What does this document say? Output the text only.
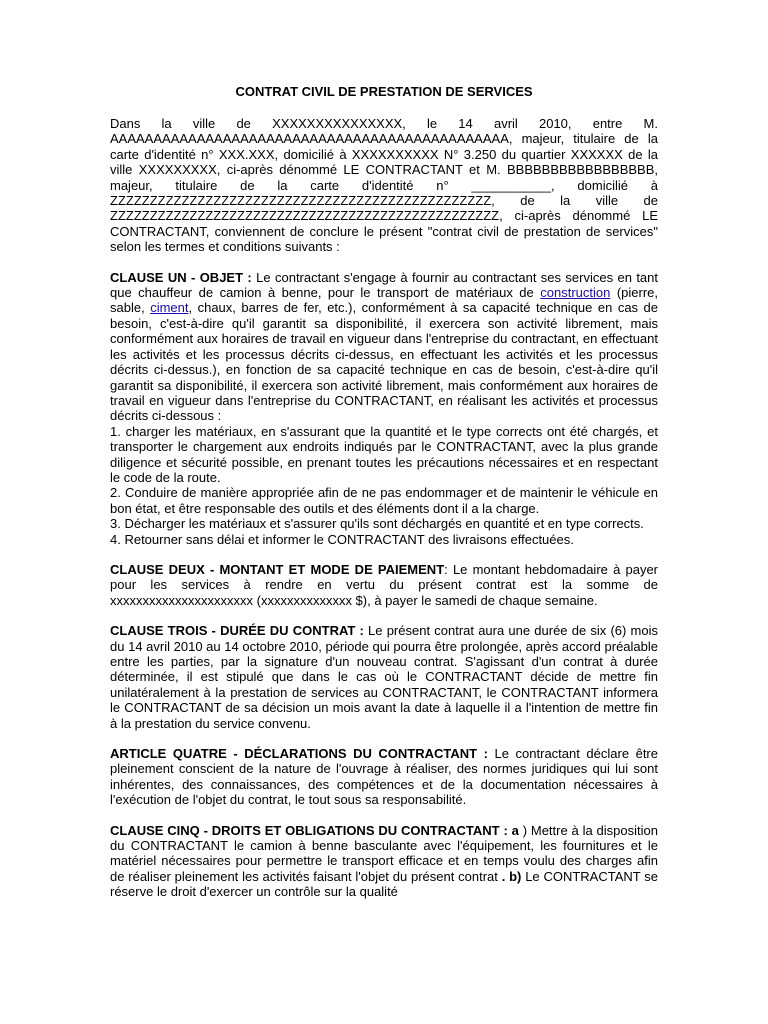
CONTRAT CIVIL DE PRESTATION DE SERVICES

Dans la ville de XXXXXXXXXXXXXXX, le 14 avril 2010, entre M. AAAAAAAAAAAAAAAAAAAAAAAAAAAAAAAAAAAAAAAAAAAAAA, majeur, titulaire de la carte d'identité n° XXX.XXX, domicilié à XXXXXXXXXX N° 3.250 du quartier XXXXXX de la ville XXXXXXXXX, ci-après dénommé LE CONTRACTANT et M. BBBBBBBBBBBBBBBBB, majeur, titulaire de la carte d'identité n° ___________, domicilié à ZZZZZZZZZZZZZZZZZZZZZZZZZZZZZZZZZZZZZZZZZZZZZZZZ, de la ville de ZZZZZZZZZZZZZZZZZZZZZZZZZZZZZZZZZZZZZZZZZZZZZZZZZ, ci-après dénommé LE CONTRACTANT, conviennent de conclure le présent "contrat civil de prestation de services" selon les termes et conditions suivants :

CLAUSE UN - OBJET : Le contractant s'engage à fournir au contractant ses services en tant que chauffeur de camion à benne, pour le transport de matériaux de construction (pierre, sable, ciment, chaux, barres de fer, etc.), conformément à sa capacité technique en cas de besoin, c'est-à-dire qu'il garantit sa disponibilité, il exercera son activité librement, mais conformément aux horaires de travail en vigueur dans l'entreprise du contractant, en effectuant les activités et les processus décrits ci-dessus, en effectuant les activités et les processus décrits ci-dessus.), en fonction de sa capacité technique en cas de besoin, c'est-à-dire qu'il garantit sa disponibilité, il exercera son activité librement, mais conformément aux horaires de travail en vigueur dans l'entreprise du CONTRACTANT, en réalisant les activités et processus décrits ci-dessous :

1. charger les matériaux, en s'assurant que la quantité et le type corrects ont été chargés, et transporter le chargement aux endroits indiqués par le CONTRACTANT, avec la plus grande diligence et sécurité possible, en prenant toutes les précautions nécessaires et en respectant le code de la route.

2. Conduire de manière appropriée afin de ne pas endommager et de maintenir le véhicule en bon état, et être responsable des outils et des éléments dont il a la charge.

3. Décharger les matériaux et s'assurer qu'ils sont déchargés en quantité et en type corrects.

4. Retourner sans délai et informer le CONTRACTANT des livraisons effectuées.

CLAUSE DEUX - MONTANT ET MODE DE PAIEMENT: Le montant hebdomadaire à payer pour les services à rendre en vertu du présent contrat est la somme de xxxxxxxxxxxxxxxxxxxxxx (xxxxxxxxxxxxxx $), à payer le samedi de chaque semaine.

CLAUSE TROIS - DURÉE DU CONTRAT : Le présent contrat aura une durée de six (6) mois du 14 avril 2010 au 14 octobre 2010, période qui pourra être prolongée, après accord préalable entre les parties, par la signature d'un nouveau contrat. S'agissant d'un contrat à durée déterminée, il est stipulé que dans le cas où le CONTRACTANT décide de mettre fin unilatéralement à la prestation de services au CONTRACTANT, le CONTRACTANT informera le CONTRACTANT de sa décision un mois avant la date à laquelle il a l'intention de mettre fin à la prestation du service convenu.

ARTICLE QUATRE - DÉCLARATIONS DU CONTRACTANT : Le contractant déclare être pleinement conscient de la nature de l'ouvrage à réaliser, des normes juridiques qui lui sont inhérentes, des connaissances, des compétences et de la documentation nécessaires à l'exécution de l'objet du contrat, le tout sous sa responsabilité.

CLAUSE CINQ - DROITS ET OBLIGATIONS DU CONTRACTANT : a ) Mettre à la disposition du CONTRACTANT le camion à benne basculante avec l'équipement, les fournitures et le matériel nécessaires pour permettre le transport efficace et en temps voulu des charges afin de réaliser pleinement les activités faisant l'objet du présent contrat . b) Le CONTRACTANT se réserve le droit d'exercer un contrôle sur la qualité
